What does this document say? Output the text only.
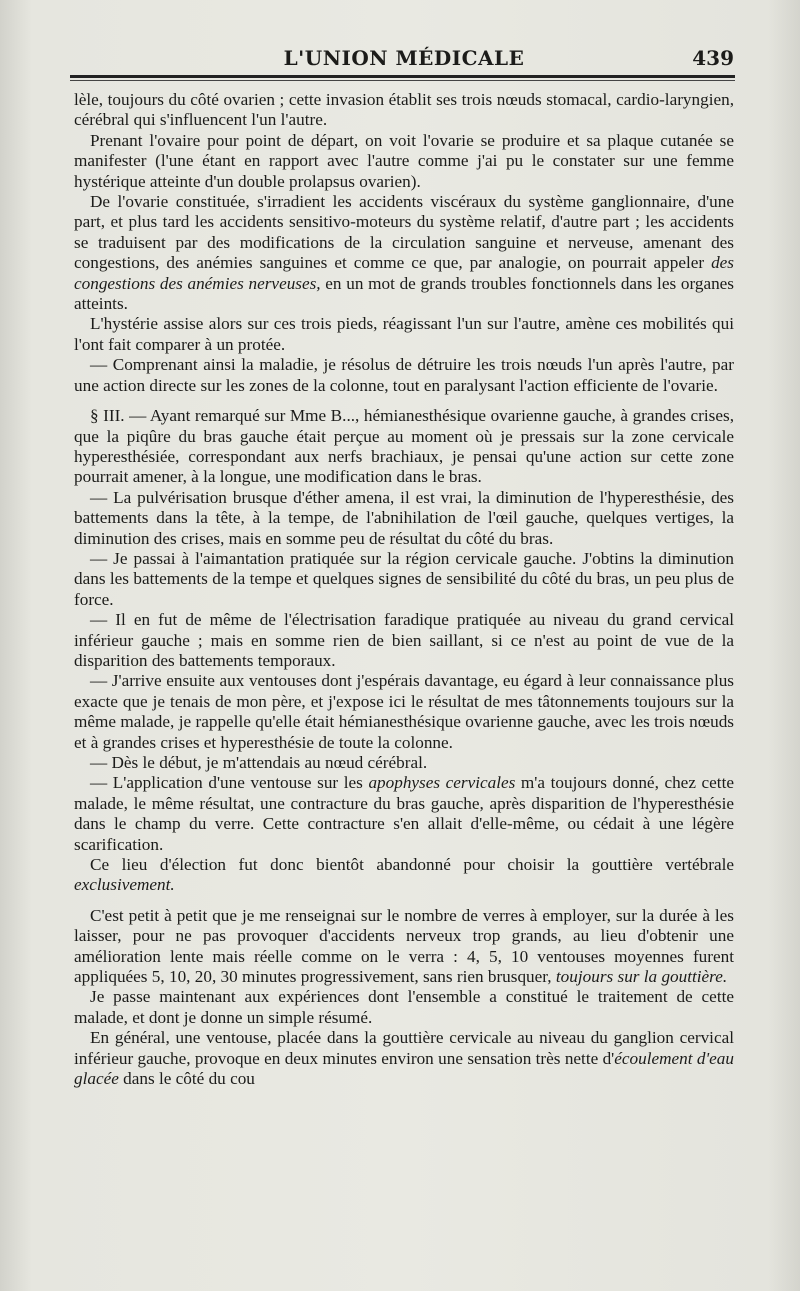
L'UNION MÉDICALE	439

lèle, toujours du côté ovarien ; cette invasion établit ses trois nœuds stomacal, cardio-laryngien, cérébral qui s'influencent l'un l'autre.

Prenant l'ovaire pour point de départ, on voit l'ovarie se produire et sa plaque cutanée se manifester (l'une étant en rapport avec l'autre comme j'ai pu le constater sur une femme hystérique atteinte d'un double prolapsus ovarien).

De l'ovarie constituée, s'irradient les accidents viscéraux du système ganglionnaire, d'une part, et plus tard les accidents sensitivo-moteurs du système relatif, d'autre part ; les accidents se traduisent par des modifications de la circulation sanguine et nerveuse, amenant des congestions, des anémies sanguines et comme ce que, par analogie, on pourrait appeler des congestions des anémies nerveuses, en un mot de grands troubles fonctionnels dans les organes atteints.

L'hystérie assise alors sur ces trois pieds, réagissant l'un sur l'autre, amène ces mobilités qui l'ont fait comparer à un protée.

— Comprenant ainsi la maladie, je résolus de détruire les trois nœuds l'un après l'autre, par une action directe sur les zones de la colonne, tout en paralysant l'action efficiente de l'ovarie.

§ III. — Ayant remarqué sur Mme B..., hémianesthésique ovarienne gauche, à grandes crises, que la piqûre du bras gauche était perçue au moment où je pressais sur la zone cervicale hyperesthésiée, correspondant aux nerfs brachiaux, je pensai qu'une action sur cette zone pourrait amener, à la longue, une modification dans le bras.

— La pulvérisation brusque d'éther amena, il est vrai, la diminution de l'hyperesthésie, des battements dans la tête, à la tempe, de l'abnihilation de l'œil gauche, quelques vertiges, la diminution des crises, mais en somme peu de résultat du côté du bras.

— Je passai à l'aimantation pratiquée sur la région cervicale gauche. J'obtins la diminution dans les battements de la tempe et quelques signes de sensibilité du côté du bras, un peu plus de force.

— Il en fut de même de l'électrisation faradique pratiquée au niveau du grand cervical inférieur gauche ; mais en somme rien de bien saillant, si ce n'est au point de vue de la disparition des battements temporaux.

— J'arrive ensuite aux ventouses dont j'espérais davantage, eu égard à leur connaissance plus exacte que je tenais de mon père, et j'expose ici le résultat de mes tâtonnements toujours sur la même malade, je rappelle qu'elle était hémianesthésique ovarienne gauche, avec les trois nœuds et à grandes crises et hyperesthésie de toute la colonne.

— Dès le début, je m'attendais au nœud cérébral.

— L'application d'une ventouse sur les apophyses cervicales m'a toujours donné, chez cette malade, le même résultat, une contracture du bras gauche, après disparition de l'hyperesthésie dans le champ du verre. Cette contracture s'en allait d'elle-même, ou cédait à une légère scarification.

Ce lieu d'élection fut donc bientôt abandonné pour choisir la gouttière vertébrale exclusivement.

C'est petit à petit que je me renseignai sur le nombre de verres à employer, sur la durée à les laisser, pour ne pas provoquer d'accidents nerveux trop grands, au lieu d'obtenir une amélioration lente mais réelle comme on le verra : 4, 5, 10 ventouses moyennes furent appliquées 5, 10, 20, 30 minutes progressivement, sans rien brusquer, toujours sur la gouttière.

Je passe maintenant aux expériences dont l'ensemble a constitué le traitement de cette malade, et dont je donne un simple résumé.

En général, une ventouse, placée dans la gouttière cervicale au niveau du ganglion cervical inférieur gauche, provoque en deux minutes environ une sensation très nette d'écoulement d'eau glacée dans le côté du cou
